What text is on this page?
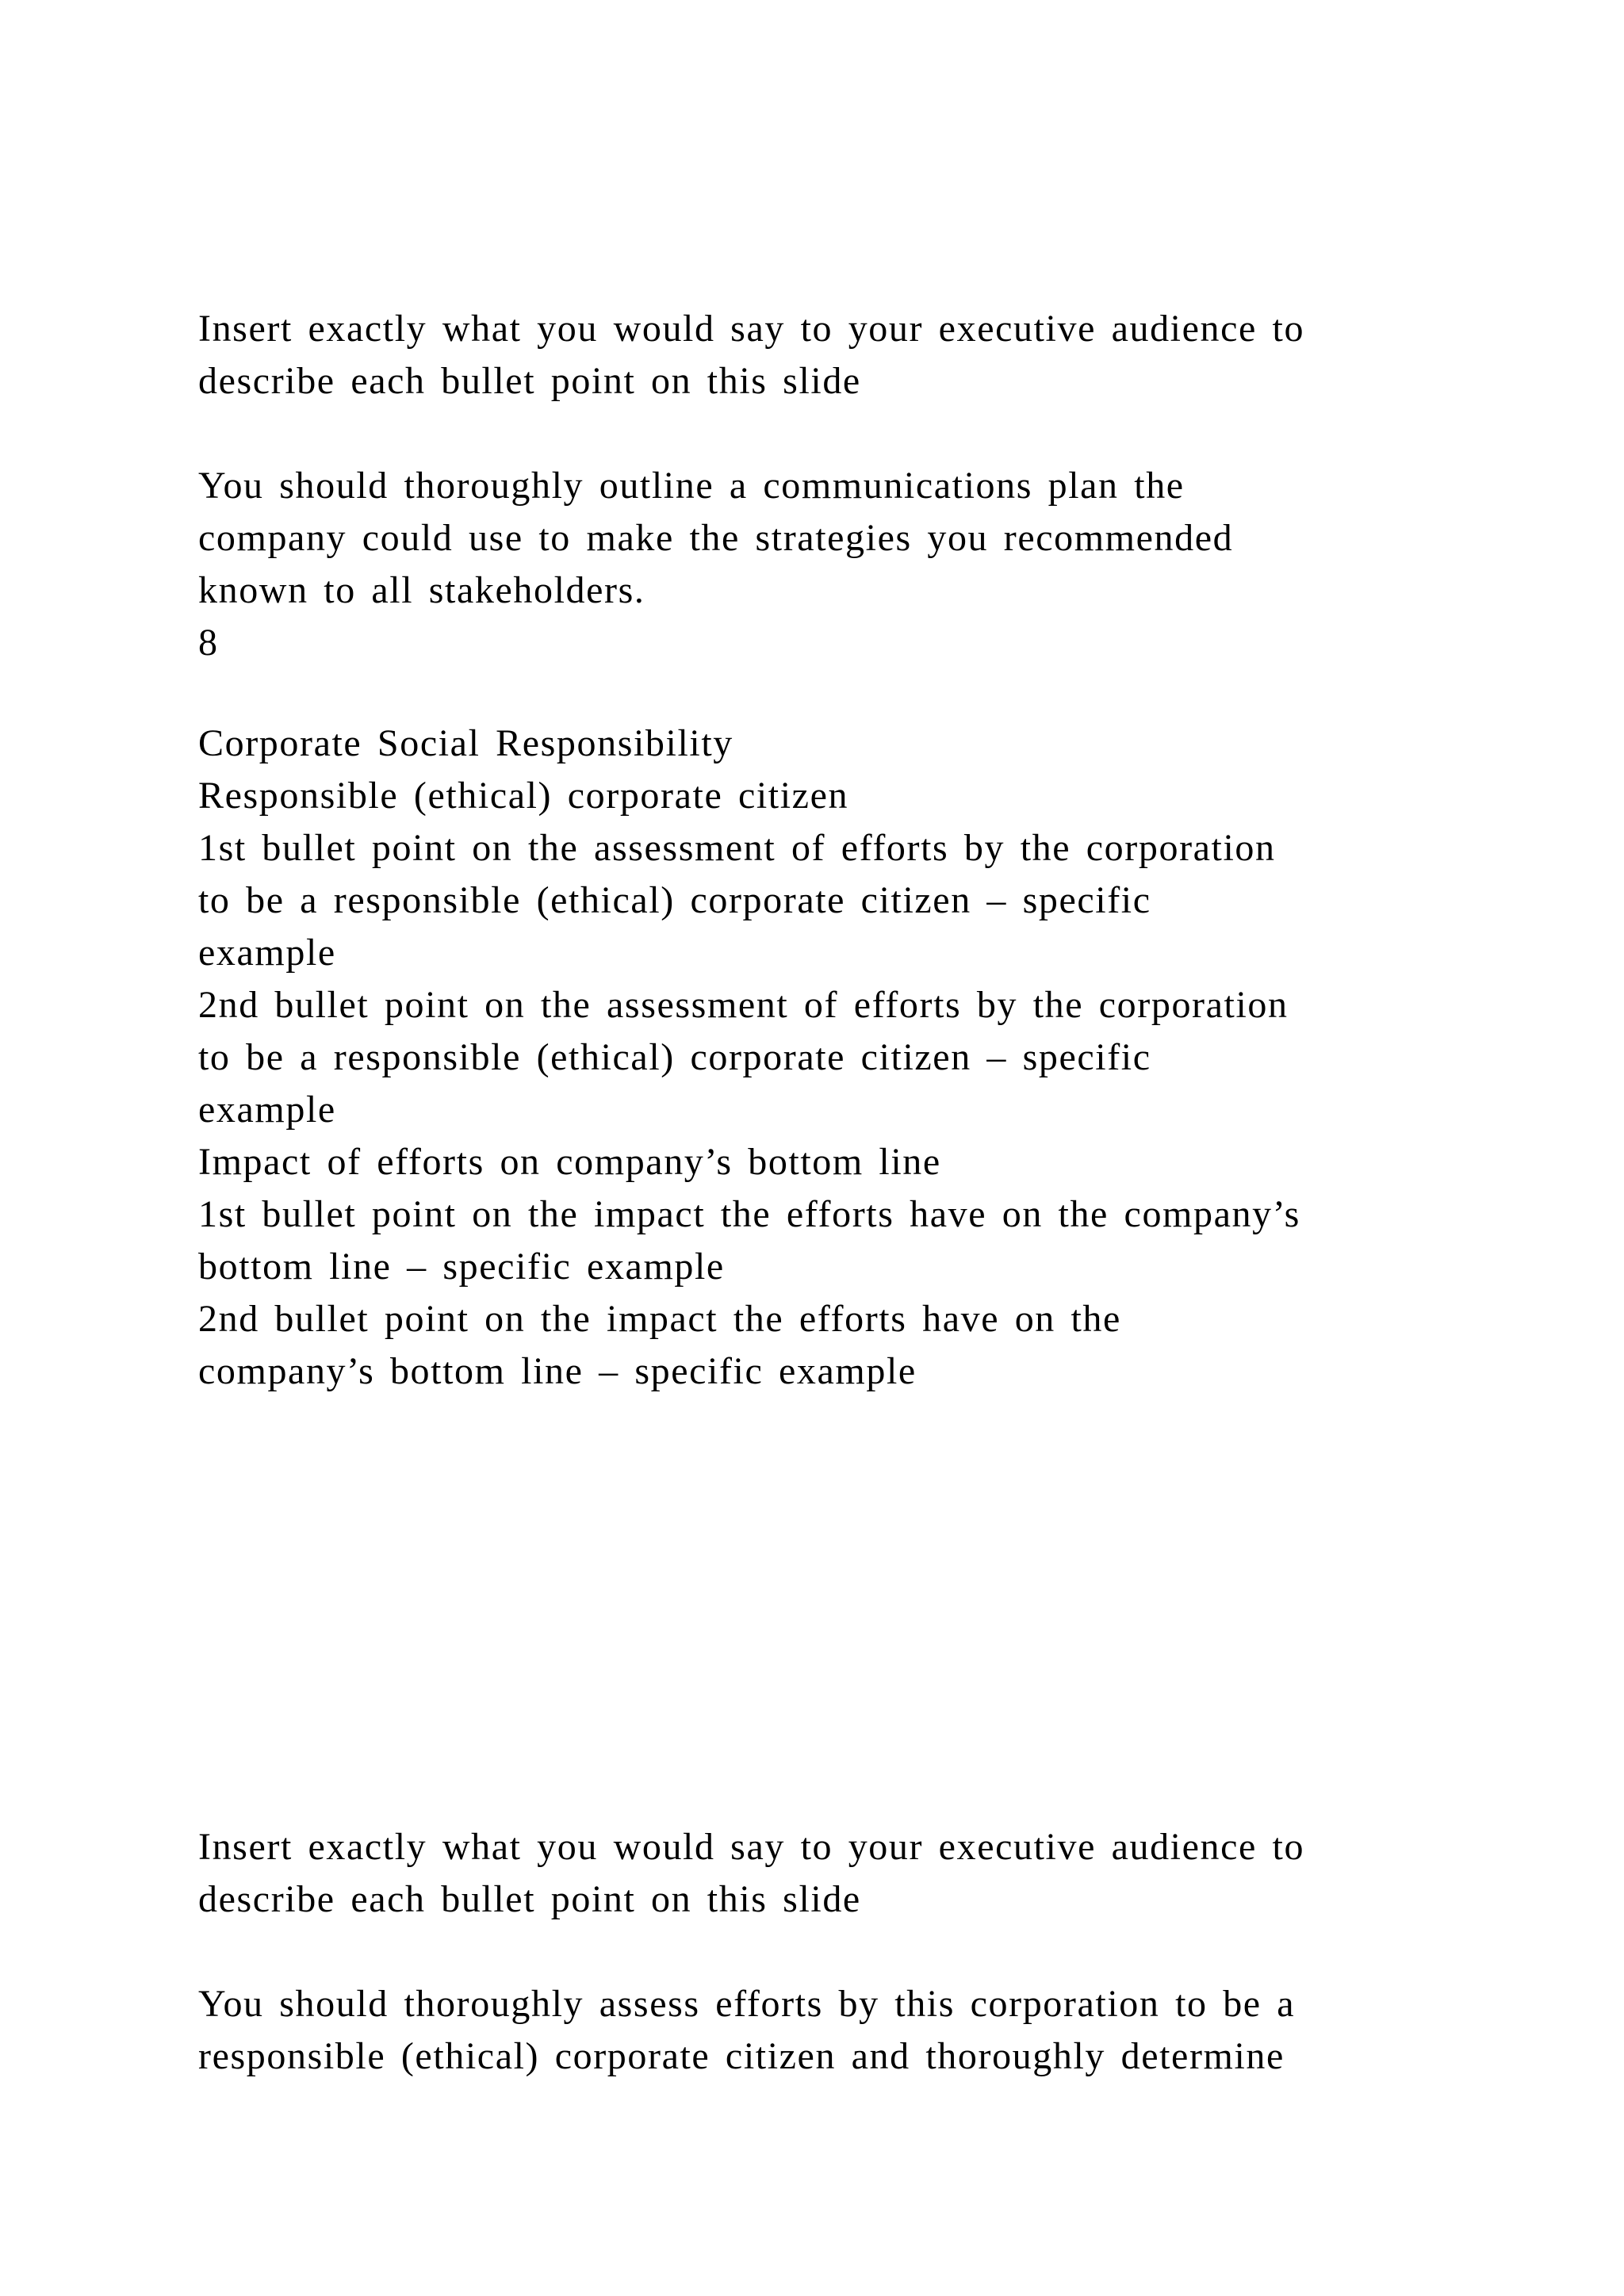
Insert exactly what you would say to your executive audience to
describe each bullet point on this slide
You should thoroughly outline a communications plan the
company could use to make the strategies you recommended
known to all stakeholders.
8
Corporate Social Responsibility
Responsible (ethical) corporate citizen
1st bullet point on the assessment of efforts by the corporation
to be a responsible (ethical) corporate citizen – specific
example
2nd bullet point on the assessment of efforts by the corporation
to be a responsible (ethical) corporate citizen – specific
example
Impact of efforts on company’s bottom line
1st bullet point on the impact the efforts have on the company’s
bottom line – specific example
2nd bullet point on the impact the efforts have on the
company’s bottom line – specific example
Insert exactly what you would say to your executive audience to
describe each bullet point on this slide
You should thoroughly assess efforts by this corporation to be a
responsible (ethical) corporate citizen and thoroughly determine
